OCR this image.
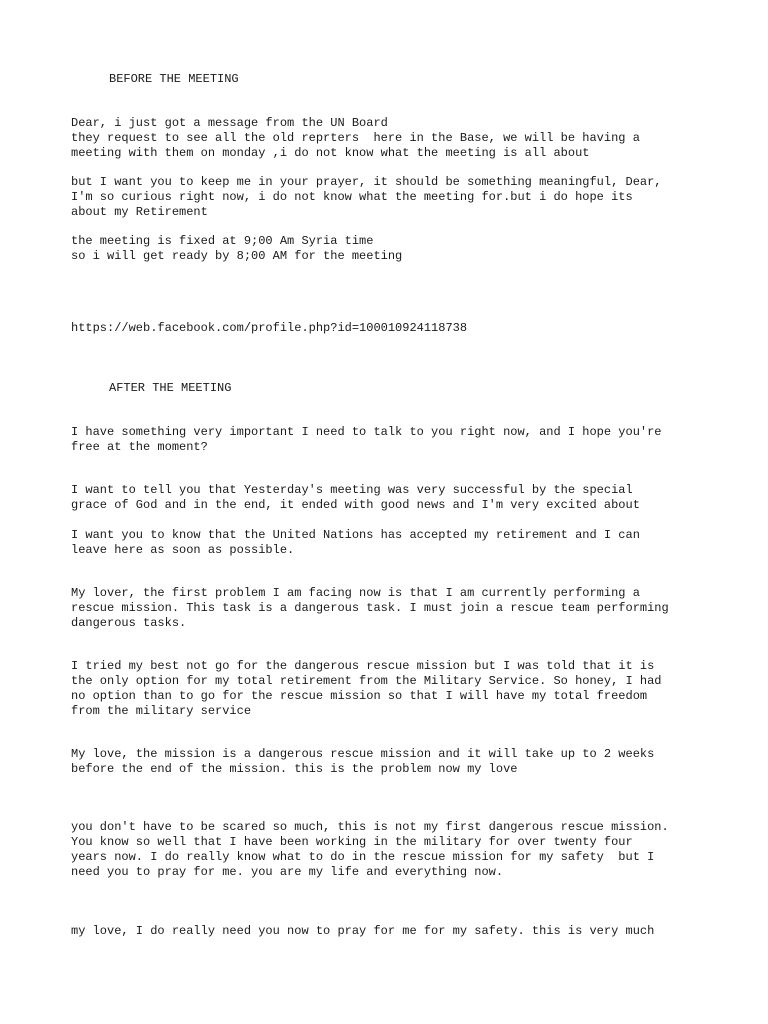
BEFORE THE MEETING

Dear, i just got a message from the UN Board

they request to see all the old reprters  here in the Base, we will be having a

meeting with them on monday ,i do not know what the meeting is all about

but I want you to keep me in your prayer, it should be something meaningful, Dear,

I'm so curious right now, i do not know what the meeting for.but i do hope its

about my Retirement

the meeting is fixed at 9;00 Am Syria time

so i will get ready by 8;00 AM for the meeting

https://web.facebook.com/profile.php?id=100010924118738

AFTER THE MEETING

I have something very important I need to talk to you right now, and I hope you're

free at the moment?

I want to tell you that Yesterday's meeting was very successful by the special

grace of God and in the end, it ended with good news and I'm very excited about

I want you to know that the United Nations has accepted my retirement and I can

leave here as soon as possible.

My lover, the first problem I am facing now is that I am currently performing a

rescue mission. This task is a dangerous task. I must join a rescue team performing

dangerous tasks.

I tried my best not go for the dangerous rescue mission but I was told that it is

the only option for my total retirement from the Military Service. So honey, I had

no option than to go for the rescue mission so that I will have my total freedom

from the military service

My love, the mission is a dangerous rescue mission and it will take up to 2 weeks

before the end of the mission. this is the problem now my love

you don't have to be scared so much, this is not my first dangerous rescue mission.

You know so well that I have been working in the military for over twenty four

years now. I do really know what to do in the rescue mission for my safety  but I

need you to pray for me. you are my life and everything now.

my love, I do really need you now to pray for me for my safety. this is very much
